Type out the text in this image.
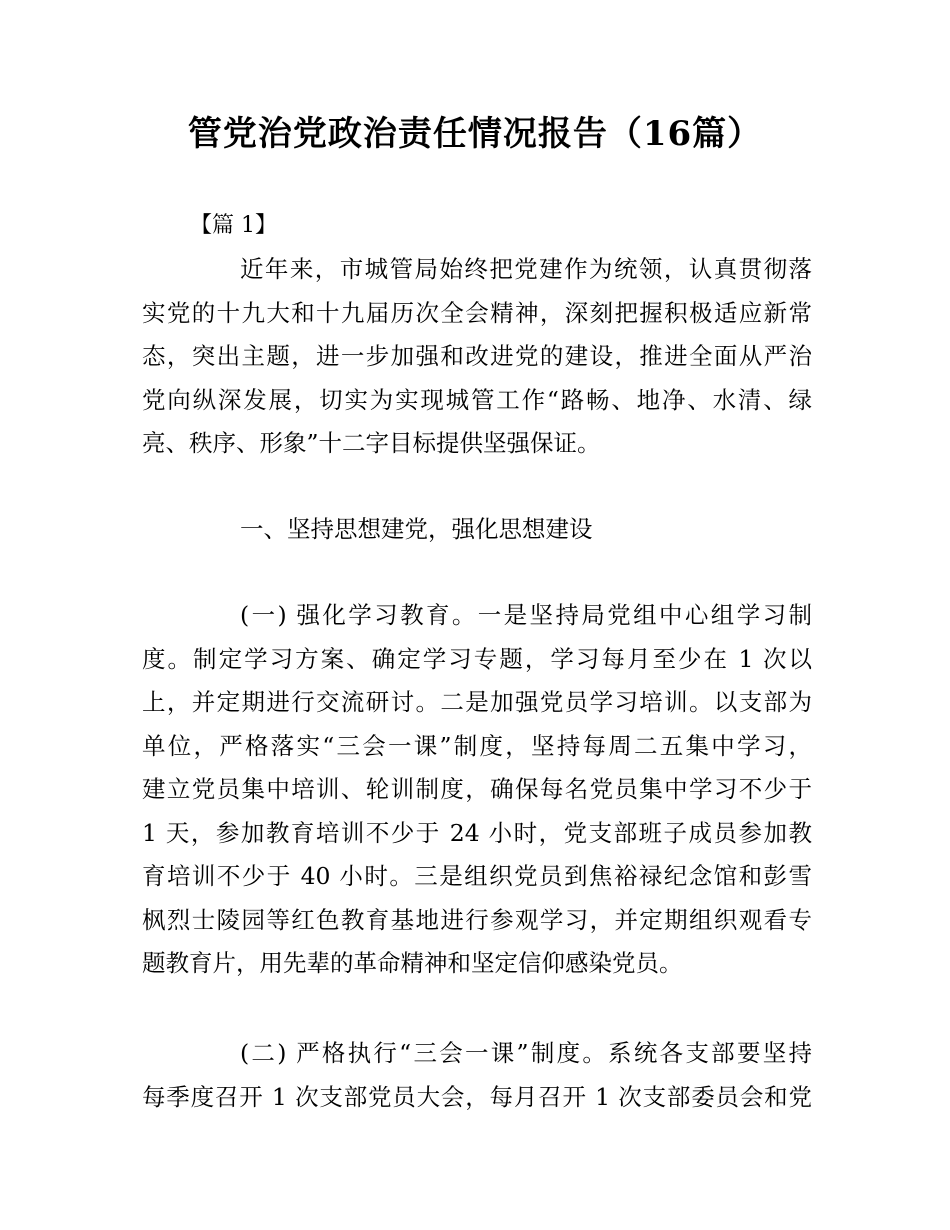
管党治党政治责任情况报告（16篇）
【篇 1】
近年来，市城管局始终把党建作为统领，认真贯彻落
实党的十九大和十九届历次全会精神，深刻把握积极适应新常
态，突出主题，进一步加强和改进党的建设，推进全面从严治
党向纵深发展，切实为实现城管工作“路畅、地净、水清、绿
亮、秩序、形象”十二字目标提供坚强保证。
一、坚持思想建党，强化思想建设
(一) 强化学习教育。一是坚持局党组中心组学习制
度。制定学习方案、确定学习专题，学习每月至少在 1 次以
上，并定期进行交流研讨。二是加强党员学习培训。以支部为
单位，严格落实“三会一课”制度，坚持每周二五集中学习，
建立党员集中培训、轮训制度，确保每名党员集中学习不少于
1 天，参加教育培训不少于 24 小时，党支部班子成员参加教
育培训不少于 40 小时。三是组织党员到焦裕禄纪念馆和彭雪
枫烈士陵园等红色教育基地进行参观学习，并定期组织观看专
题教育片，用先辈的革命精神和坚定信仰感染党员。
(二) 严格执行“三会一课”制度。系统各支部要坚持
每季度召开 1 次支部党员大会，每月召开 1 次支部委员会和党
